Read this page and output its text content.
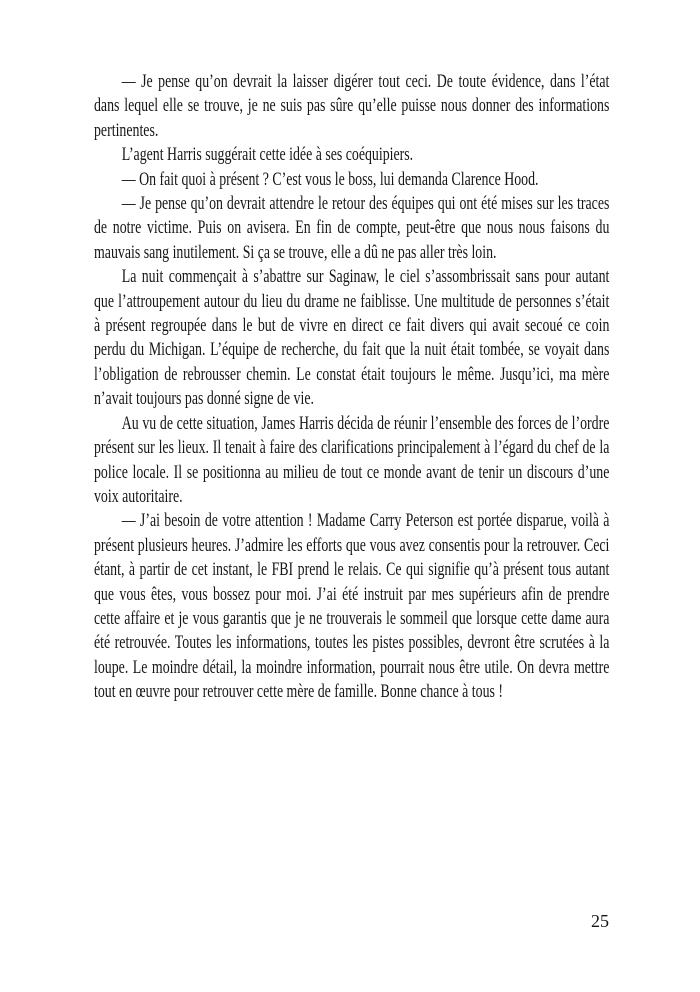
— Je pense qu’on devrait la laisser digérer tout ceci. De toute évidence, dans l’état dans lequel elle se trouve, je ne suis pas sûre qu’elle puisse nous donner des informations pertinentes.

L’agent Harris suggérait cette idée à ses coéquipiers.

— On fait quoi à présent ? C’est vous le boss, lui demanda Clarence Hood.

— Je pense qu’on devrait attendre le retour des équipes qui ont été mises sur les traces de notre victime. Puis on avisera. En fin de compte, peut-être que nous nous faisons du mauvais sang inutilement. Si ça se trouve, elle a dû ne pas aller très loin.

La nuit commençait à s’abattre sur Saginaw, le ciel s’assombrissait sans pour autant que l’attroupement autour du lieu du drame ne faiblisse. Une multitude de personnes s’était à présent regroupée dans le but de vivre en direct ce fait divers qui avait secoué ce coin perdu du Michigan. L’équipe de recherche, du fait que la nuit était tombée, se voyait dans l’obligation de rebrousser chemin. Le constat était toujours le même. Jusqu’ici, ma mère n’avait toujours pas donné signe de vie.

Au vu de cette situation, James Harris décida de réunir l’ensemble des forces de l’ordre présent sur les lieux. Il tenait à faire des clarifications principalement à l’égard du chef de la police locale. Il se positionna au milieu de tout ce monde avant de tenir un discours d’une voix autoritaire.

— J’ai besoin de votre attention ! Madame Carry Peterson est portée disparue, voilà à présent plusieurs heures. J’admire les efforts que vous avez consentis pour la retrouver. Ceci étant, à partir de cet instant, le FBI prend le relais. Ce qui signifie qu’à présent tous autant que vous êtes, vous bossez pour moi. J’ai été instruit par mes supérieurs afin de prendre cette affaire et je vous garantis que je ne trouverais le sommeil que lorsque cette dame aura été retrouvée. Toutes les informations, toutes les pistes possibles, devront être scrutées à la loupe. Le moindre détail, la moindre information, pourrait nous être utile. On devra mettre tout en œuvre pour retrouver cette mère de famille. Bonne chance à tous !

25
